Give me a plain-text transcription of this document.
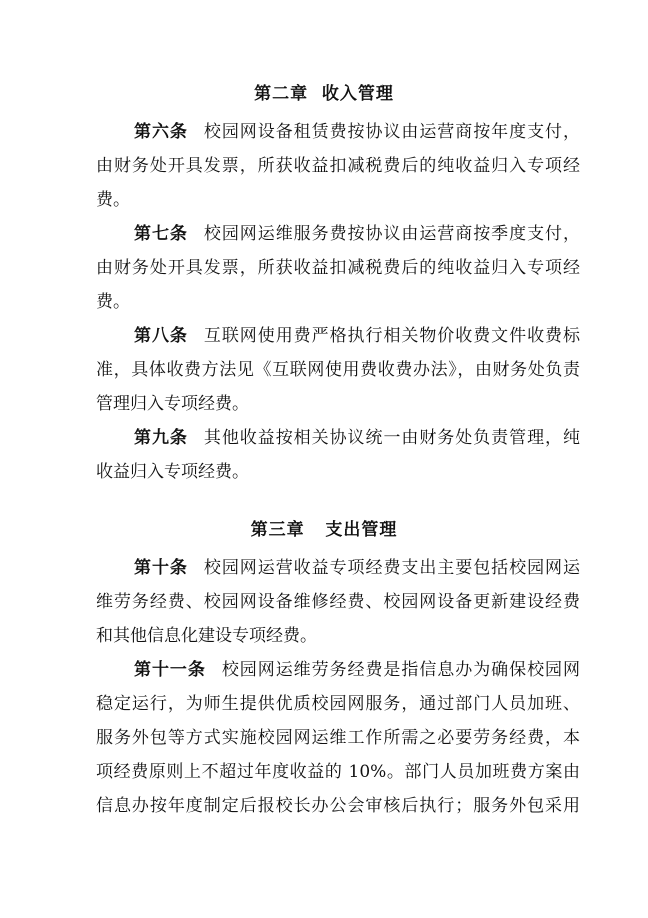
第二章  收入管理
第六条 校园网设备租赁费按协议由运营商按年度支付，
由财务处开具发票，所获收益扣减税费后的纯收益归入专项经
费。
第七条 校园网运维服务费按协议由运营商按季度支付，
由财务处开具发票，所获收益扣减税费后的纯收益归入专项经
费。
第八条 互联网使用费严格执行相关物价收费文件收费标
准，具体收费方法见《互联网使用费收费办法》，由财务处负责
管理归入专项经费。
第九条 其他收益按相关协议统一由财务处负责管理，纯
收益归入专项经费。
第三章   支出管理
第十条 校园网运营收益专项经费支出主要包括校园网运
维劳务经费、校园网设备维修经费、校园网设备更新建设经费
和其他信息化建设专项经费。
第十一条 校园网运维劳务经费是指信息办为确保校园网
稳定运行，为师生提供优质校园网服务，通过部门人员加班、
服务外包等方式实施校园网运维工作所需之必要劳务经费，本
项经费原则上不超过年度收益的 10%。部门人员加班费方案由
信息办按年度制定后报校长办公会审核后执行；服务外包采用
